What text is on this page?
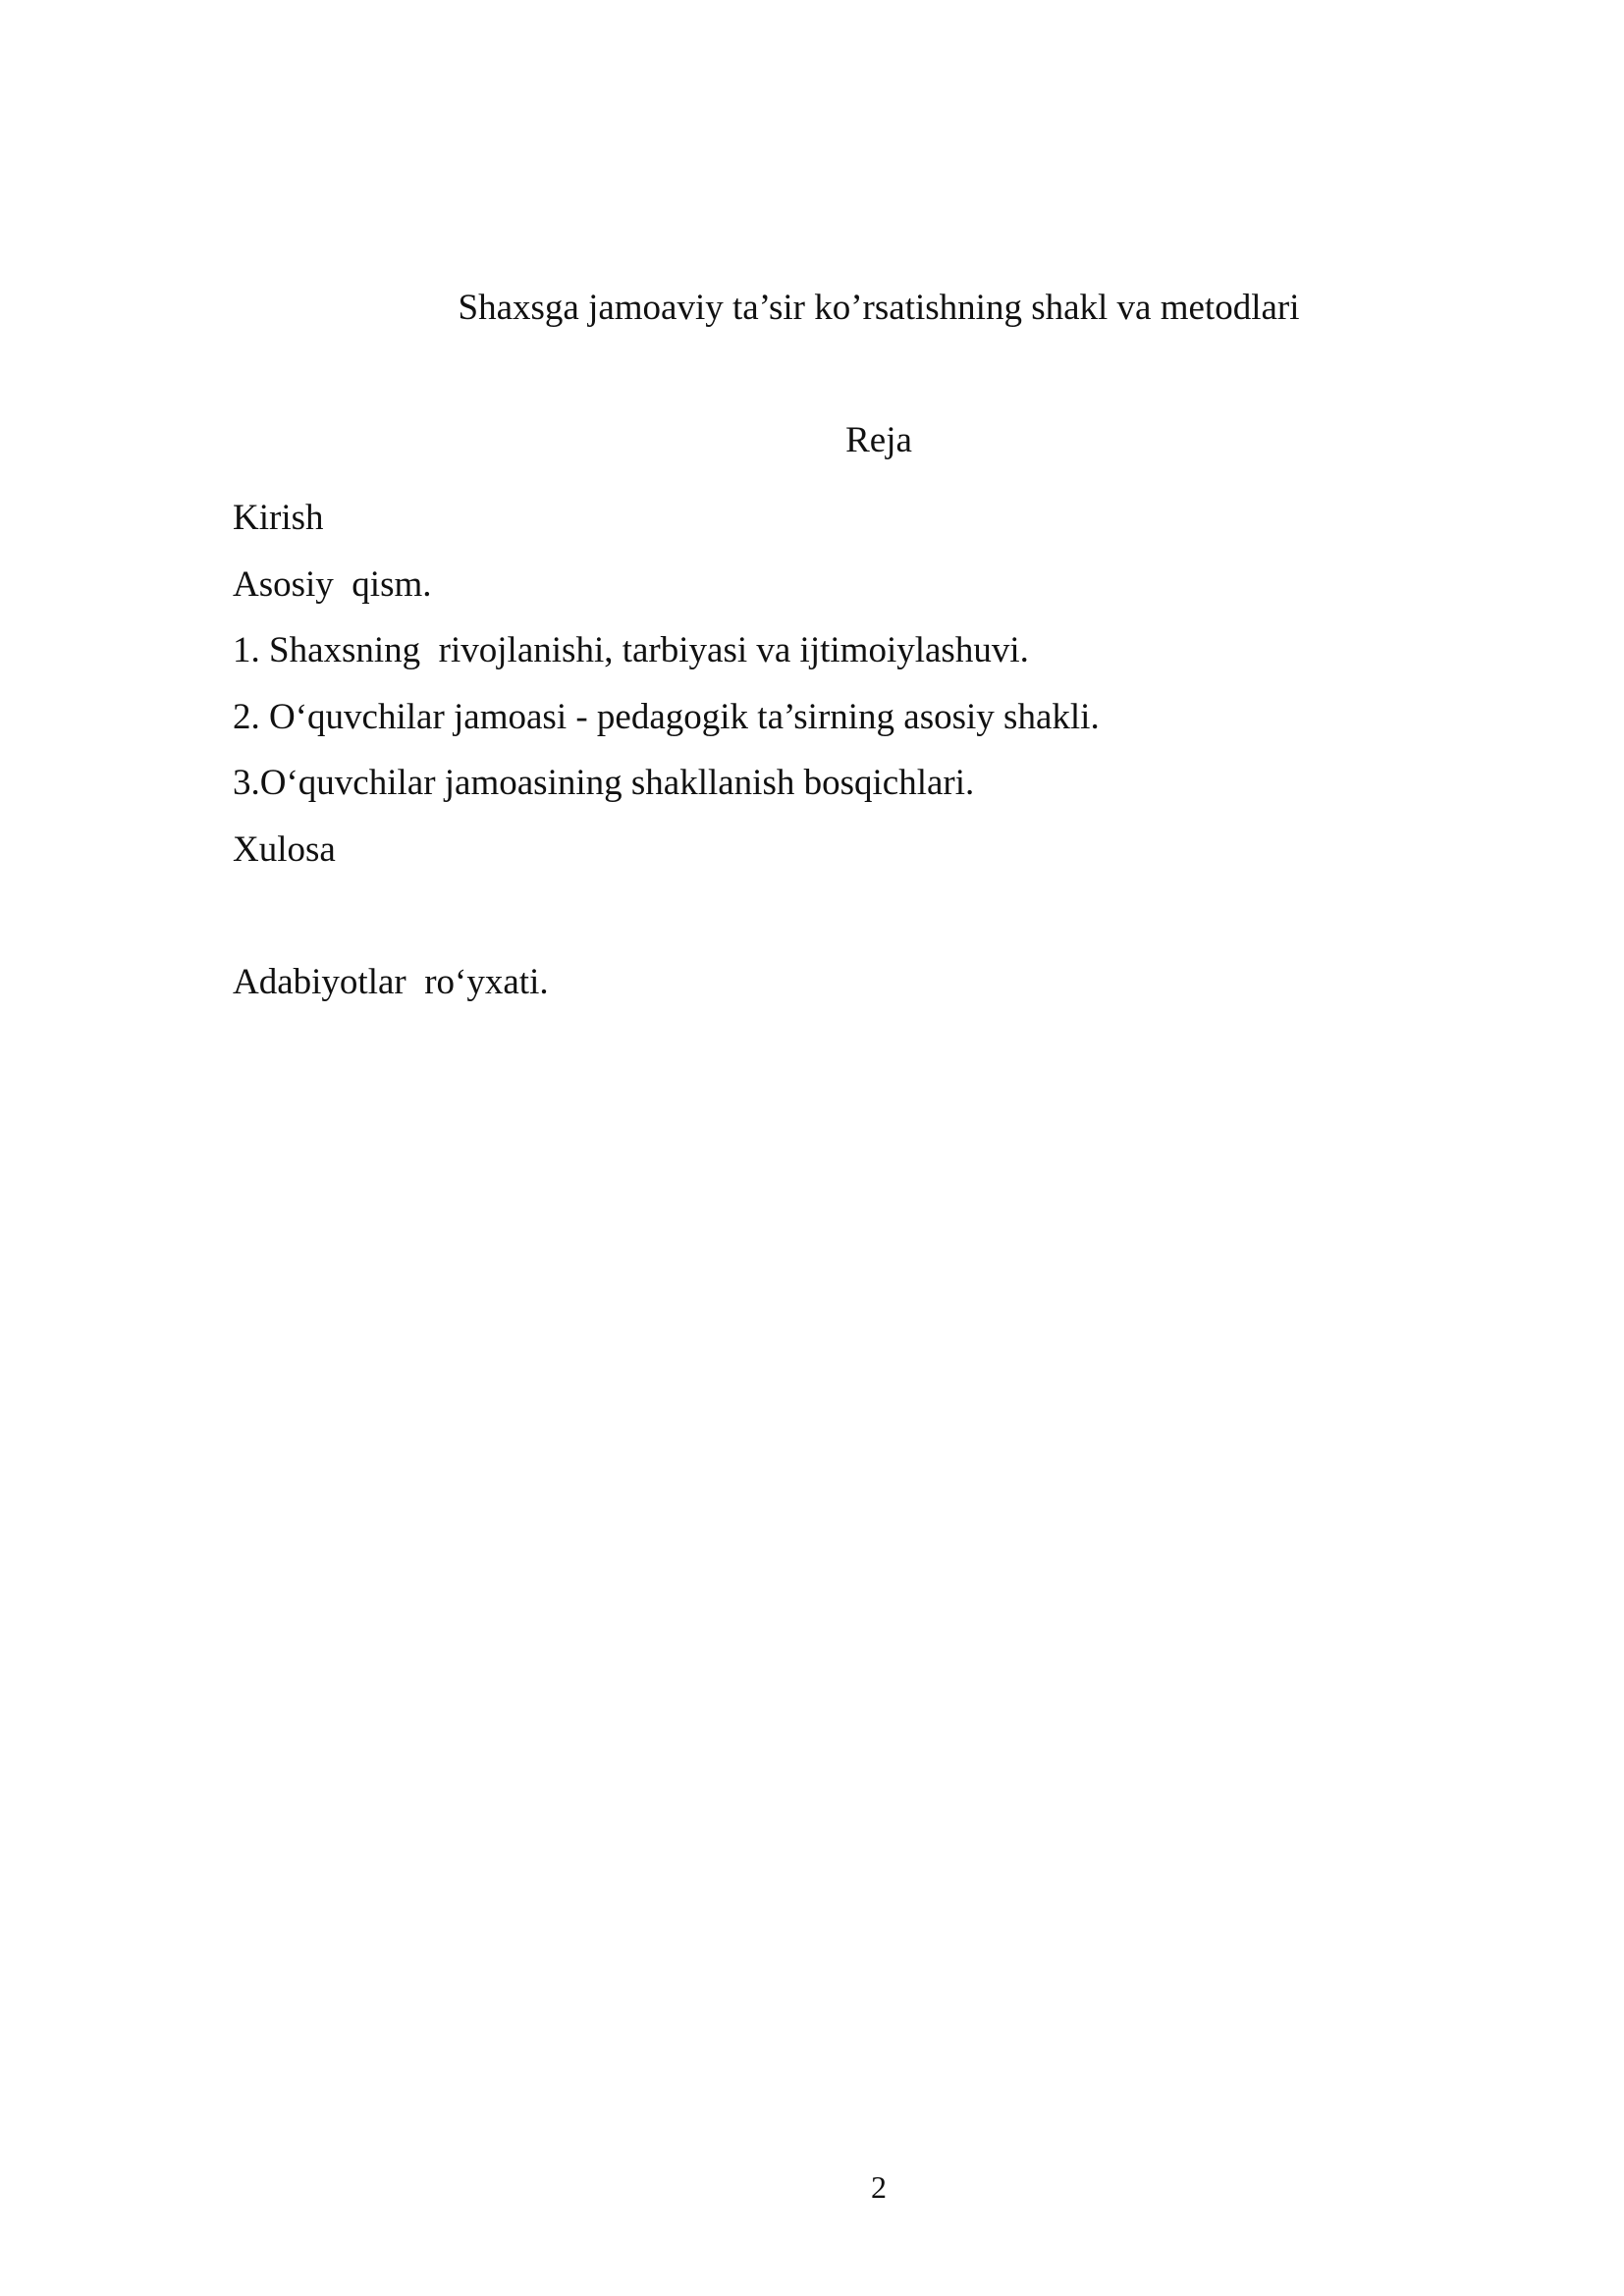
Shaxsga jamoaviy ta’sir ko’rsatishning shakl va metodlari
Reja
Kirish
Asosiy  qism.
1. Shaxsning  rivojlanishi, tarbiyasi va ijtimoiylashuvi.
2. O‘quvchilar jamoasi - pedagogik ta’sirning asosiy shakli.
3.O‘quvchilar jamoasining shakllanish bosqichlari.
Xulosa
Adabiyotlar  ro‘yxati.
2
